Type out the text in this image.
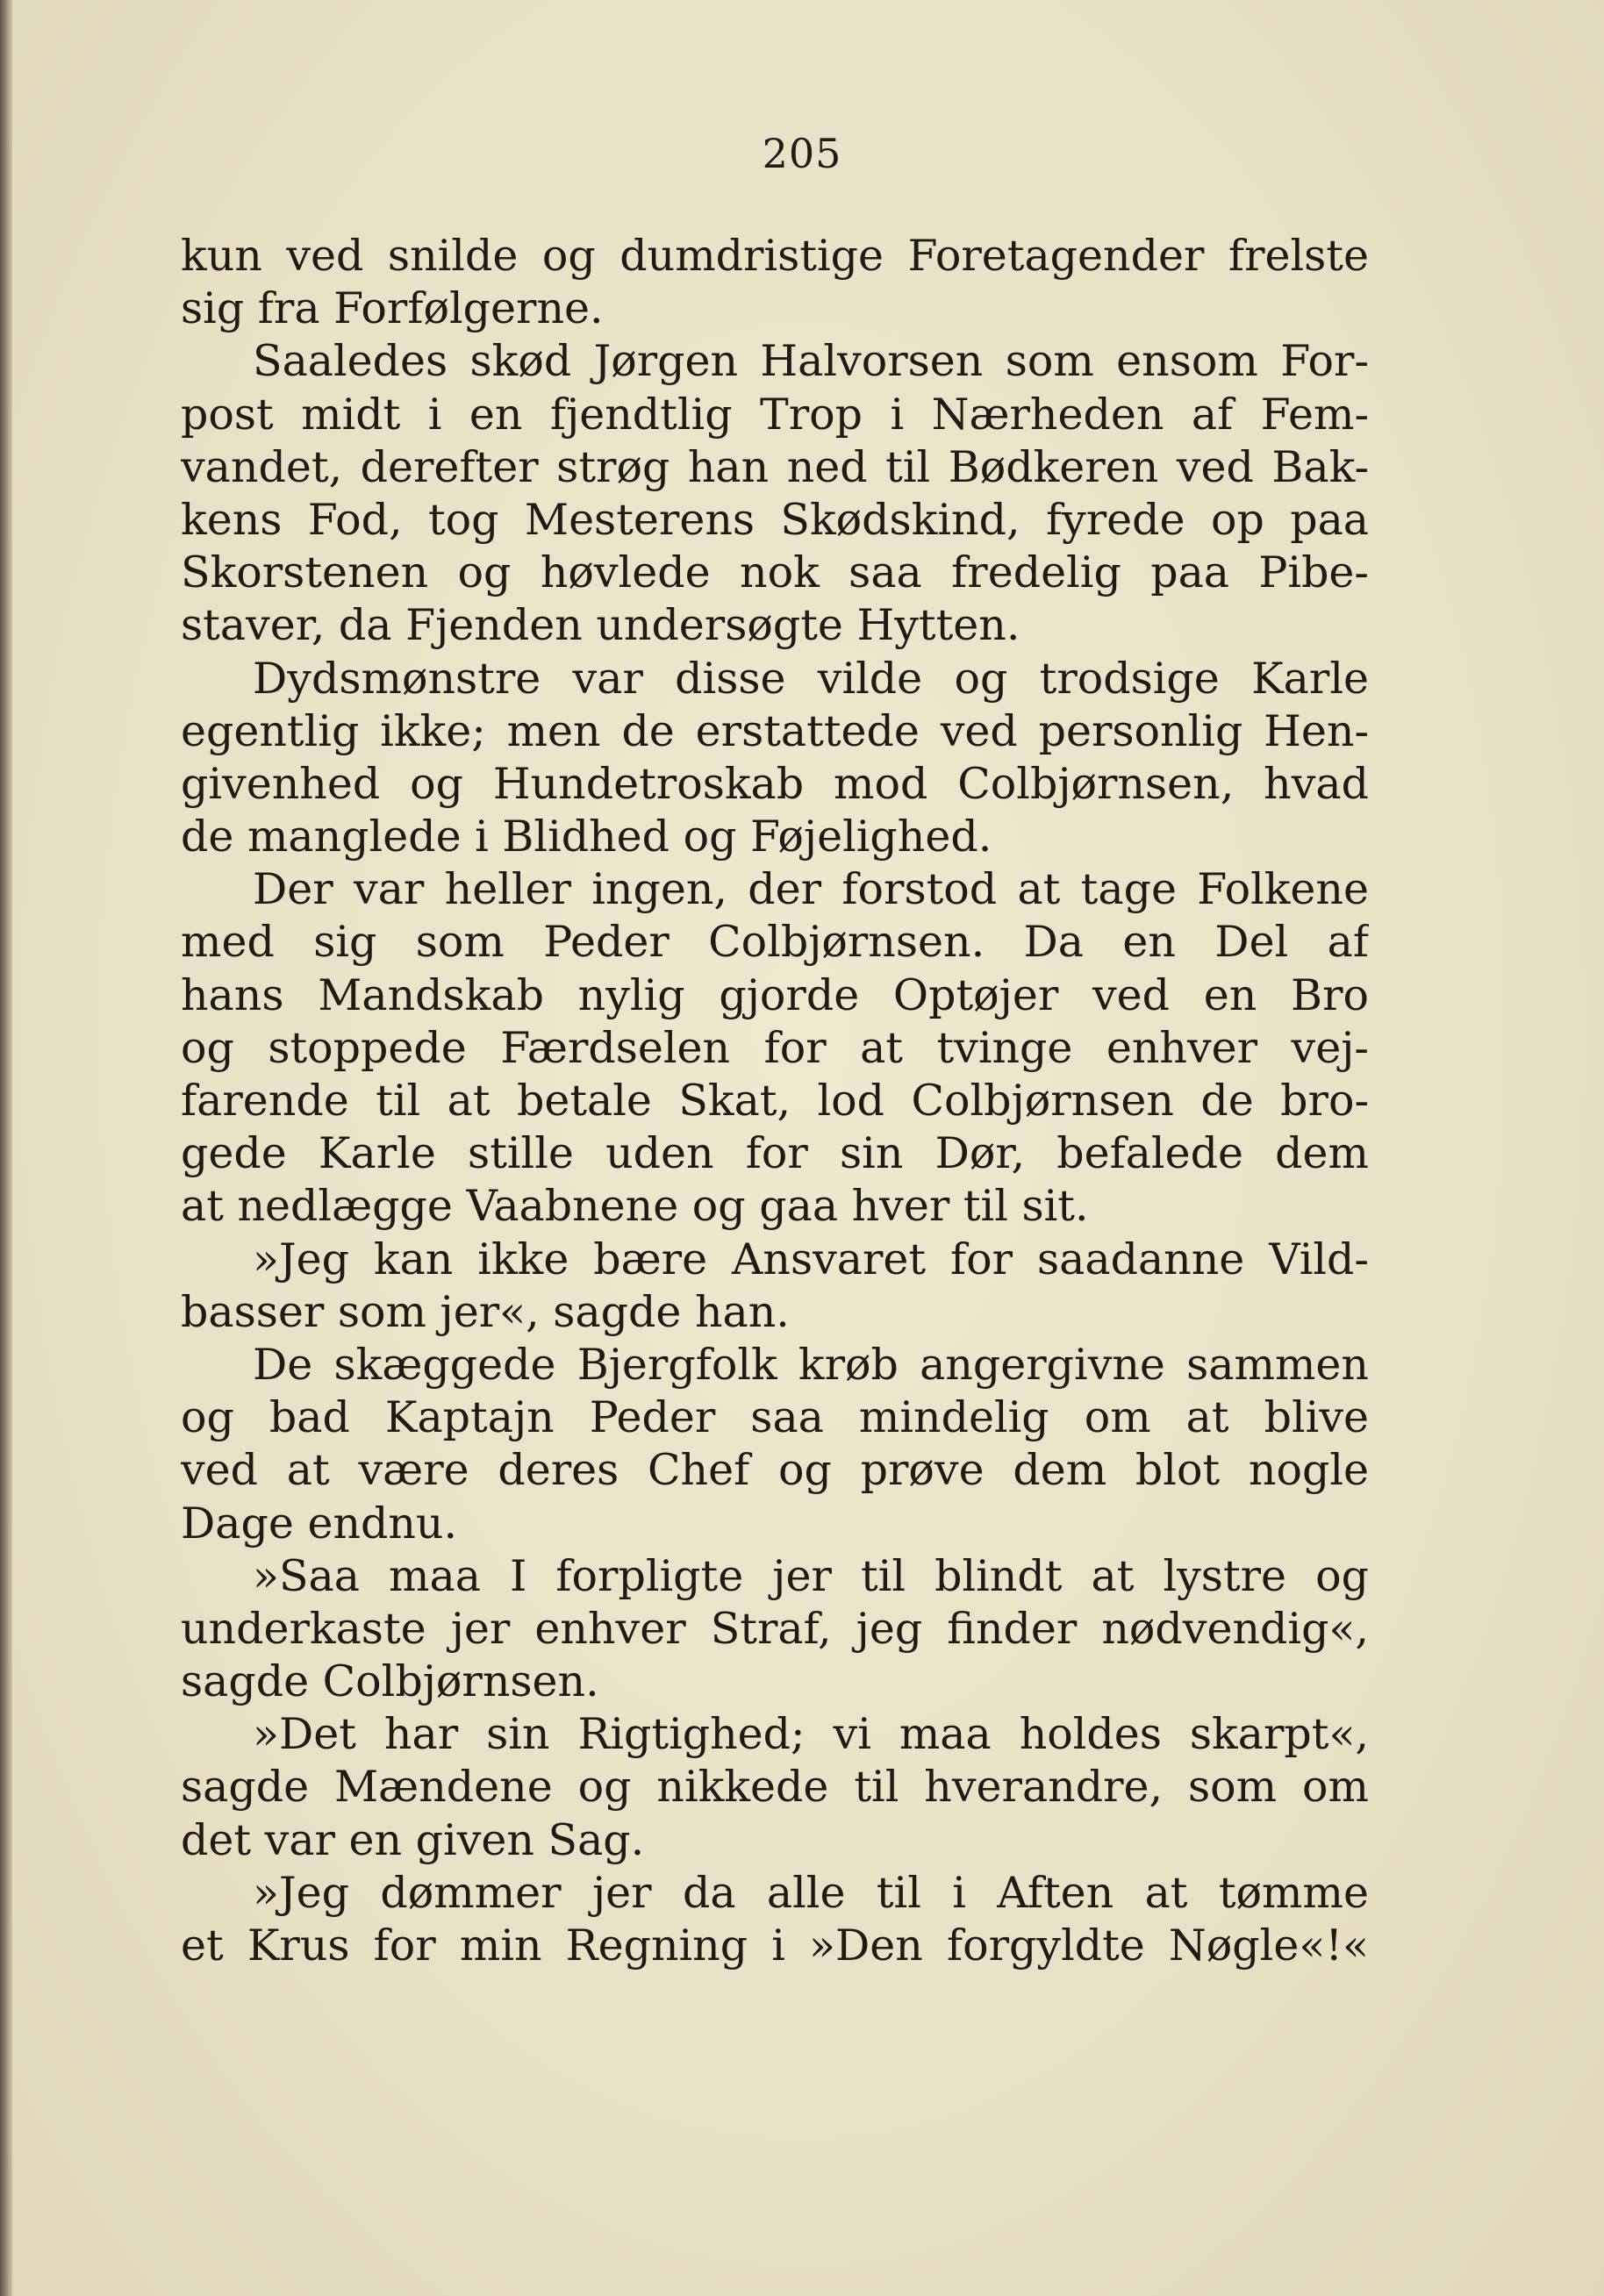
205
kun ved snilde og dumdristige Foretagender frelste
sig fra Forfølgerne.
Saaledes skød Jørgen Halvorsen som ensom For-
post midt i en fjendtlig Trop i Nærheden af Fem-
vandet, derefter strøg han ned til Bødkeren ved Bak-
kens Fod, tog Mesterens Skødskind, fyrede op paa
Skorstenen og høvlede nok saa fredelig paa Pibe-
staver, da Fjenden undersøgte Hytten.
Dydsmønstre var disse vilde og trodsige Karle
egentlig ikke; men de erstattede ved personlig Hen-
givenhed og Hundetroskab mod Colbjørnsen, hvad
de manglede i Blidhed og Føjelighed.
Der var heller ingen, der forstod at tage Folkene
med sig som Peder Colbjørnsen. Da en Del af
hans Mandskab nylig gjorde Optøjer ved en Bro
og stoppede Færdselen for at tvinge enhver vej-
farende til at betale Skat, lod Colbjørnsen de bro-
gede Karle stille uden for sin Dør, befalede dem
at nedlægge Vaabnene og gaa hver til sit.
»Jeg kan ikke bære Ansvaret for saadanne Vild-
basser som jer«, sagde han.
De skæggede Bjergfolk krøb angergivne sammen
og bad Kaptajn Peder saa mindelig om at blive
ved at være deres Chef og prøve dem blot nogle
Dage endnu.
»Saa maa I forpligte jer til blindt at lystre og
underkaste jer enhver Straf, jeg finder nødvendig«,
sagde Colbjørnsen.
»Det har sin Rigtighed; vi maa holdes skarpt«,
sagde Mændene og nikkede til hverandre, som om
det var en given Sag.
»Jeg dømmer jer da alle til i Aften at tømme
et Krus for min Regning i »Den forgyldte Nøgle«!«
